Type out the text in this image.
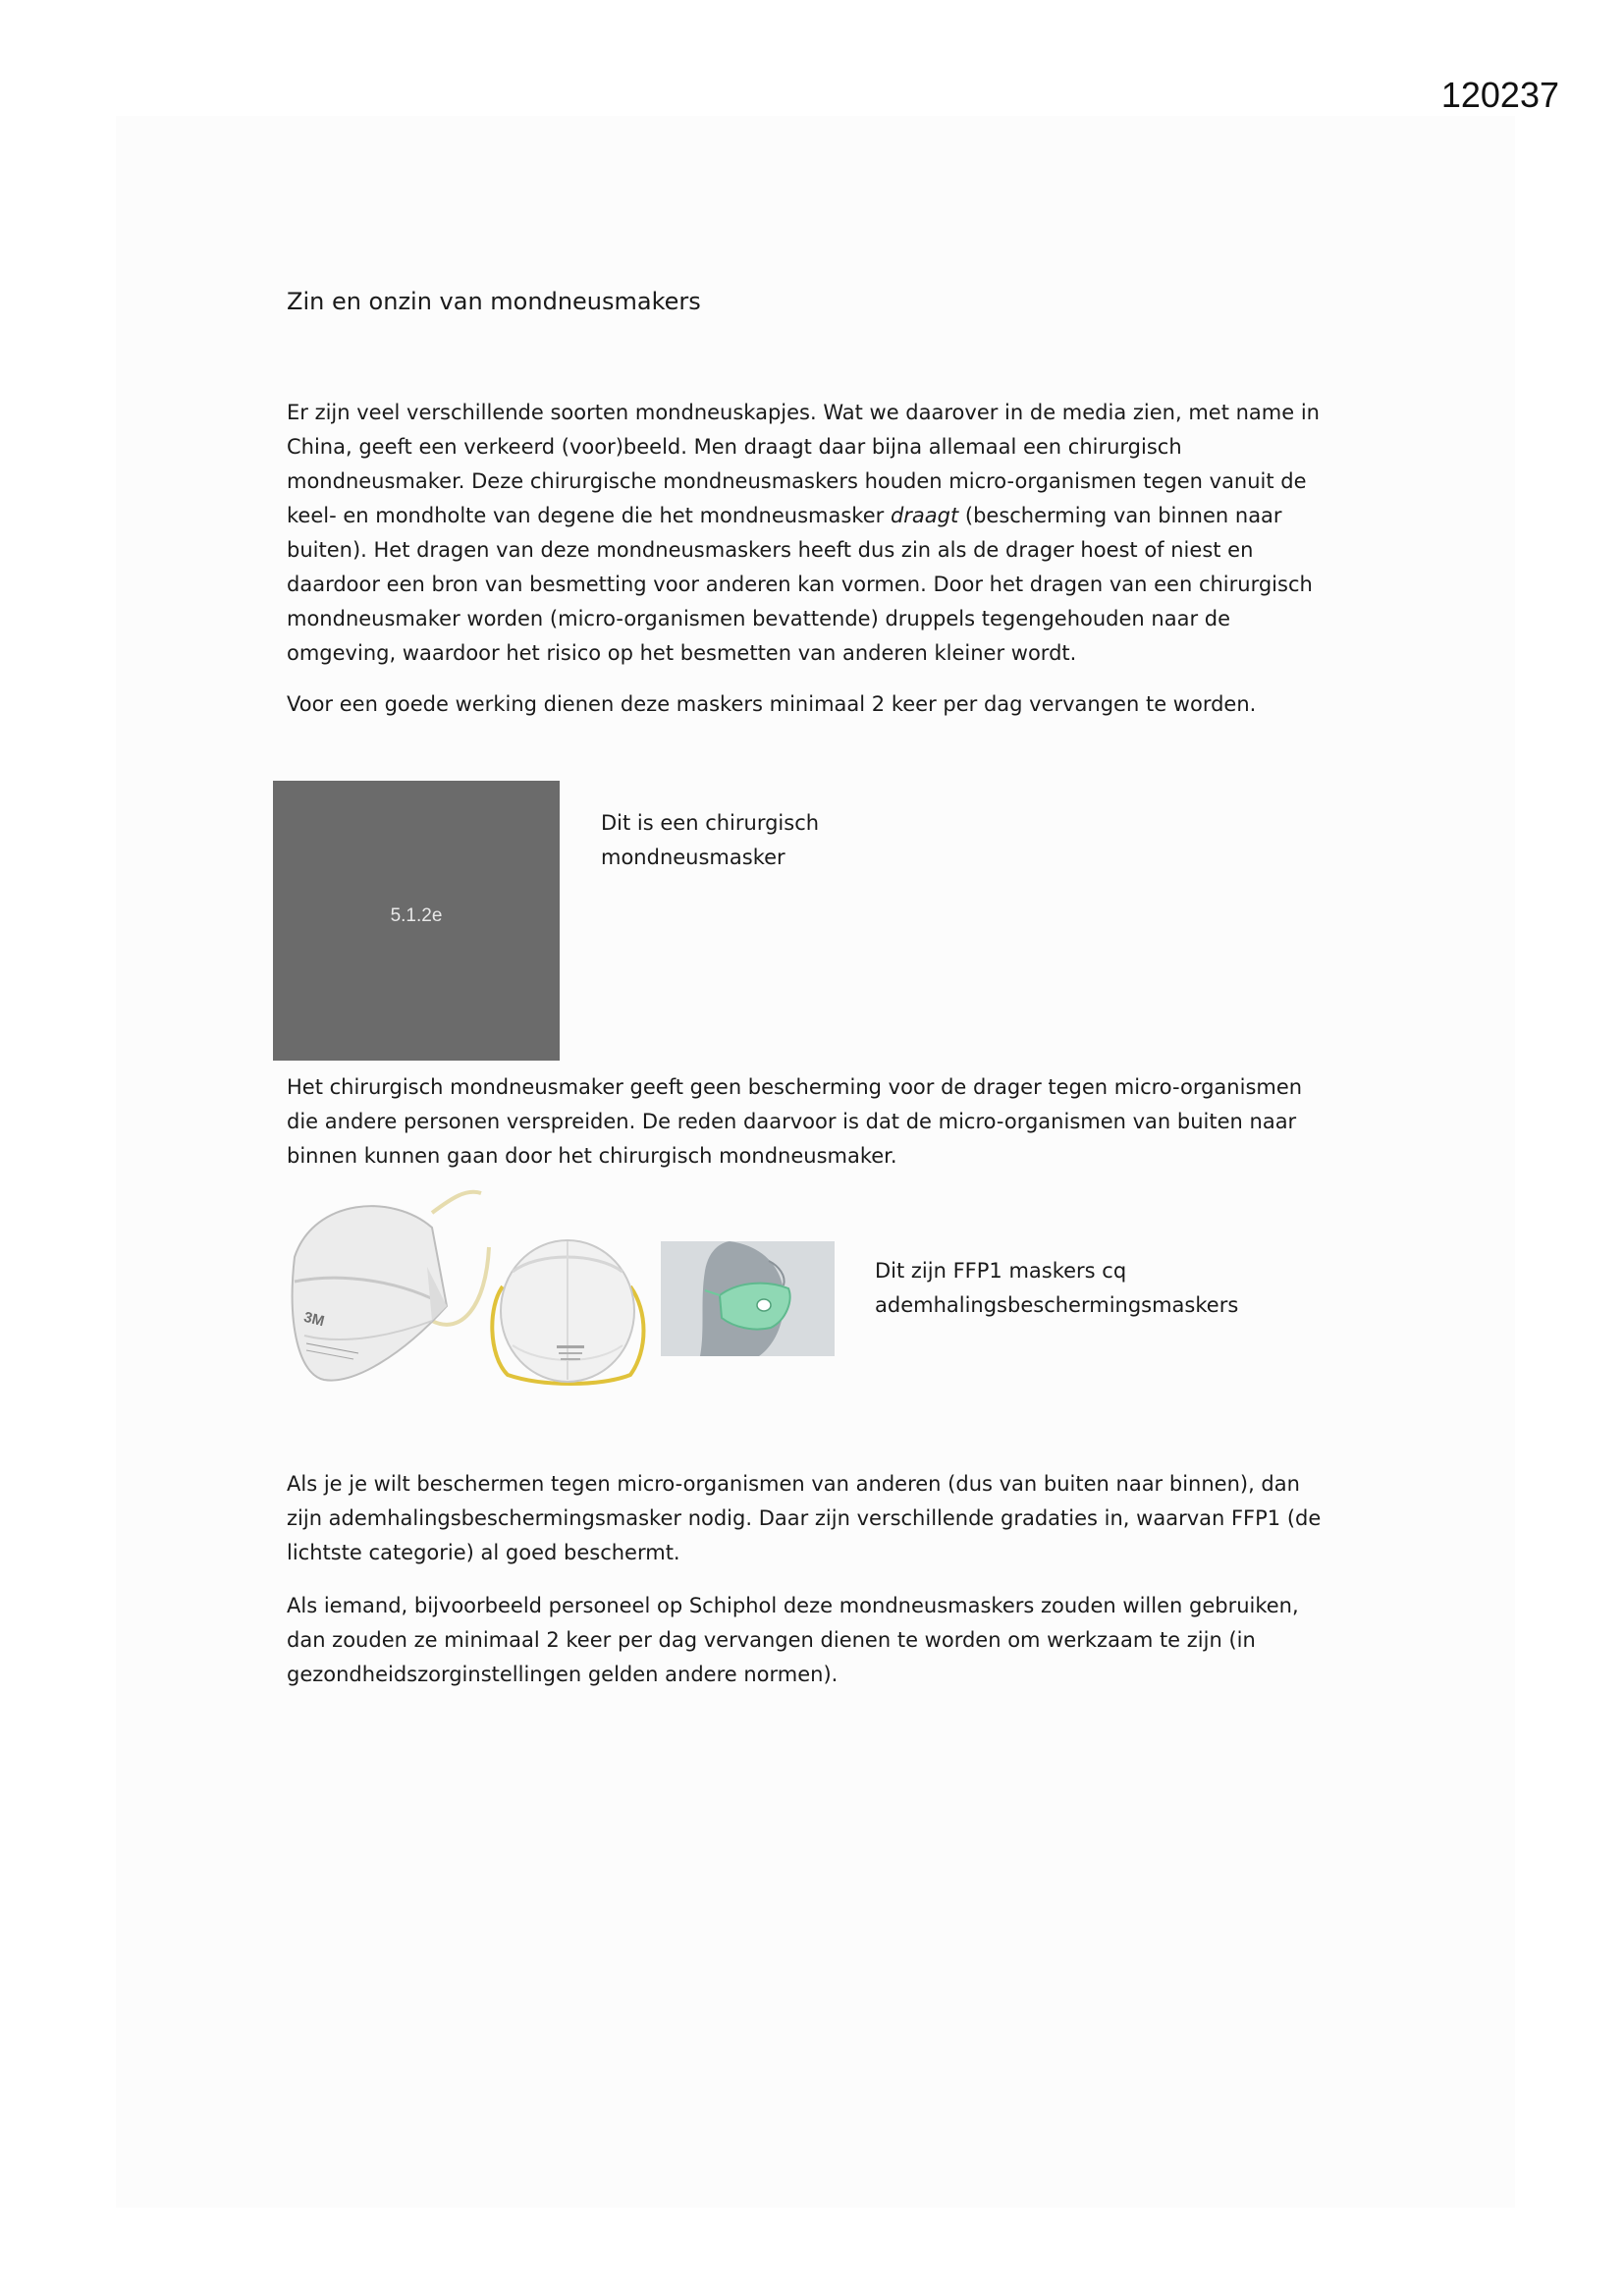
120237
Zin en onzin van mondneusmakers

Er zijn veel verschillende soorten mondneuskapjes. Wat we daarover in de media zien, met name in
China, geeft een verkeerd (voor)beeld. Men draagt daar bijna allemaal een chirurgisch
mondneusmaker. Deze chirurgische mondneusmaskers houden micro-organismen tegen vanuit de
keel- en mondholte van degene die het mondneusmasker draagt (bescherming van binnen naar
buiten). Het dragen van deze mondneusmaskers heeft dus zin als de drager hoest of niest en
daardoor een bron van besmetting voor anderen kan vormen. Door het dragen van een chirurgisch
mondneusmaker worden (micro-organismen bevattende) druppels tegengehouden naar de
omgeving, waardoor het risico op het besmetten van anderen kleiner wordt.

Voor een goede werking dienen deze maskers minimaal 2 keer per dag vervangen te worden.

5.1.2e
Dit is een chirurgisch
mondneusmasker

Het chirurgisch mondneusmaker geeft geen bescherming voor de drager tegen micro-organismen
die andere personen verspreiden. De reden daarvoor is dat de micro-organismen van buiten naar
binnen kunnen gaan door het chirurgisch mondneusmaker.

3M
Dit zijn FFP1 maskers cq
ademhalingsbeschermingsmaskers

Als je je wilt beschermen tegen micro-organismen van anderen (dus van buiten naar binnen), dan
zijn ademhalingsbeschermingsmasker nodig. Daar zijn verschillende gradaties in, waarvan FFP1 (de
lichtste categorie) al goed beschermt.

Als iemand, bijvoorbeeld personeel op Schiphol deze mondneusmaskers zouden willen gebruiken,
dan zouden ze minimaal 2 keer per dag vervangen dienen te worden om werkzaam te zijn (in
gezondheidszorginstellingen gelden andere normen).
